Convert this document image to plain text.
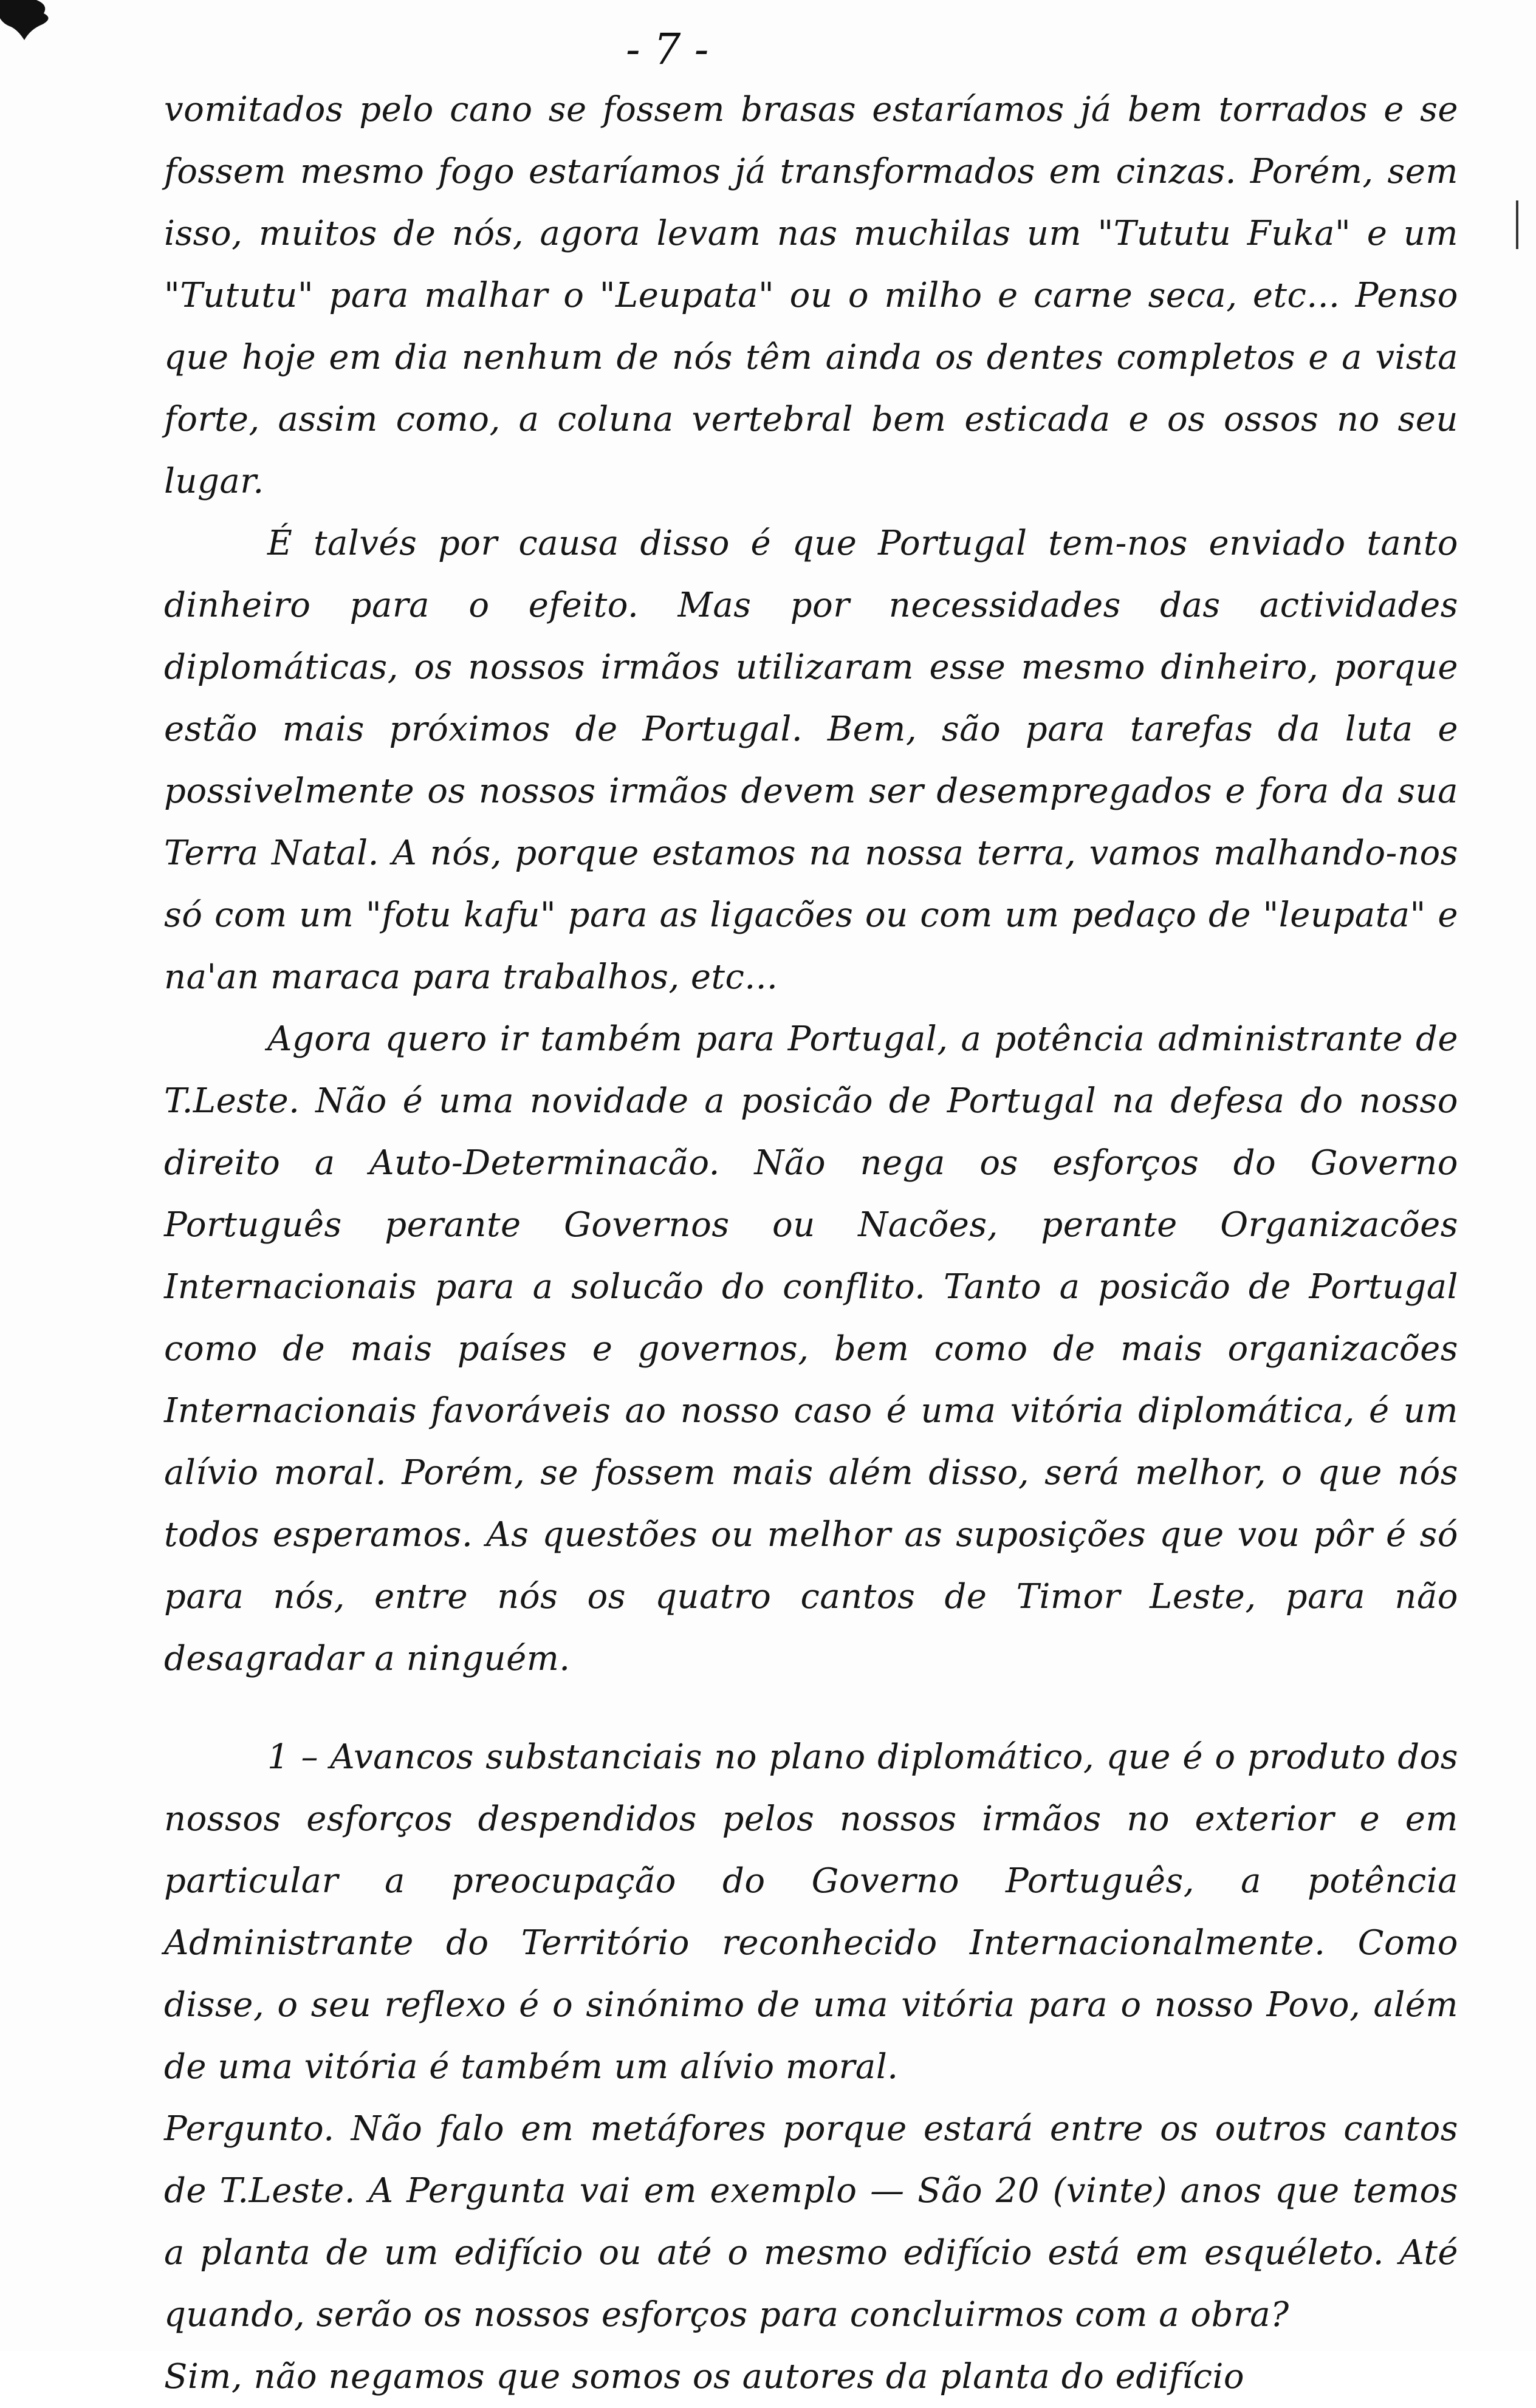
- 7 -

vomitados pelo cano se fossem brasas estaríamos já bem torrados e se fossem mesmo fogo estaríamos já transformados em cinzas. Porém, sem isso, muitos de nós, agora levam nas muchilas um "Tututu Fuka" e um "Tututu" para malhar o "Leupata" ou o milho e carne seca, etc... Penso que hoje em dia nenhum de nós têm ainda os dentes completos e a vista forte, assim como, a coluna vertebral bem esticada e os ossos no seu lugar.

É talvés por causa disso é que Portugal tem-nos enviado tanto dinheiro para o efeito. Mas por necessidades das actividades diplomáticas, os nossos irmãos utilizaram esse mesmo dinheiro, porque estão mais próximos de Portugal. Bem, são para tarefas da luta e possivelmente os nossos irmãos devem ser desempregados e fora da sua Terra Natal. A nós, porque estamos na nossa terra, vamos malhando-nos só com um "fotu kafu" para as ligacões ou com um pedaço de "leupata" e na'an maraca para trabalhos, etc...

Agora quero ir também para Portugal, a potência administrante de T.Leste. Não é uma novidade a posicão de Portugal na defesa do nosso direito a Auto-Determinacão. Não nega os esforços do Governo Português perante Governos ou Nacões, perante Organizacões Internacionais para a solucão do conflito. Tanto a posicão de Portugal como de mais países e governos, bem como de mais organizacões Internacionais favoráveis ao nosso caso é uma vitória diplomática, é um alívio moral. Porém, se fossem mais além disso, será melhor, o que nós todos esperamos. As questões ou melhor as suposições que vou pôr é só para nós, entre nós os quatro cantos de Timor Leste, para não desagradar a ninguém.

1 – Avancos substanciais no plano diplomático, que é o produto dos nossos esforços despendidos pelos nossos irmãos no exterior e em particular a preocupação do Governo Português, a potência Administrante do Território reconhecido Internacionalmente. Como disse, o seu reflexo é o sinónimo de uma vitória para o nosso Povo, além de uma vitória é também um alívio moral.

Pergunto. Não falo em metáfores porque estará entre os outros cantos de T.Leste. A Pergunta vai em exemplo — São 20 (vinte) anos que temos a planta de um edifício ou até o mesmo edifício está em esquéleto. Até quando, serão os nossos esforços para concluirmos com a obra?

Sim, não negamos que somos os autores da planta do edifício
